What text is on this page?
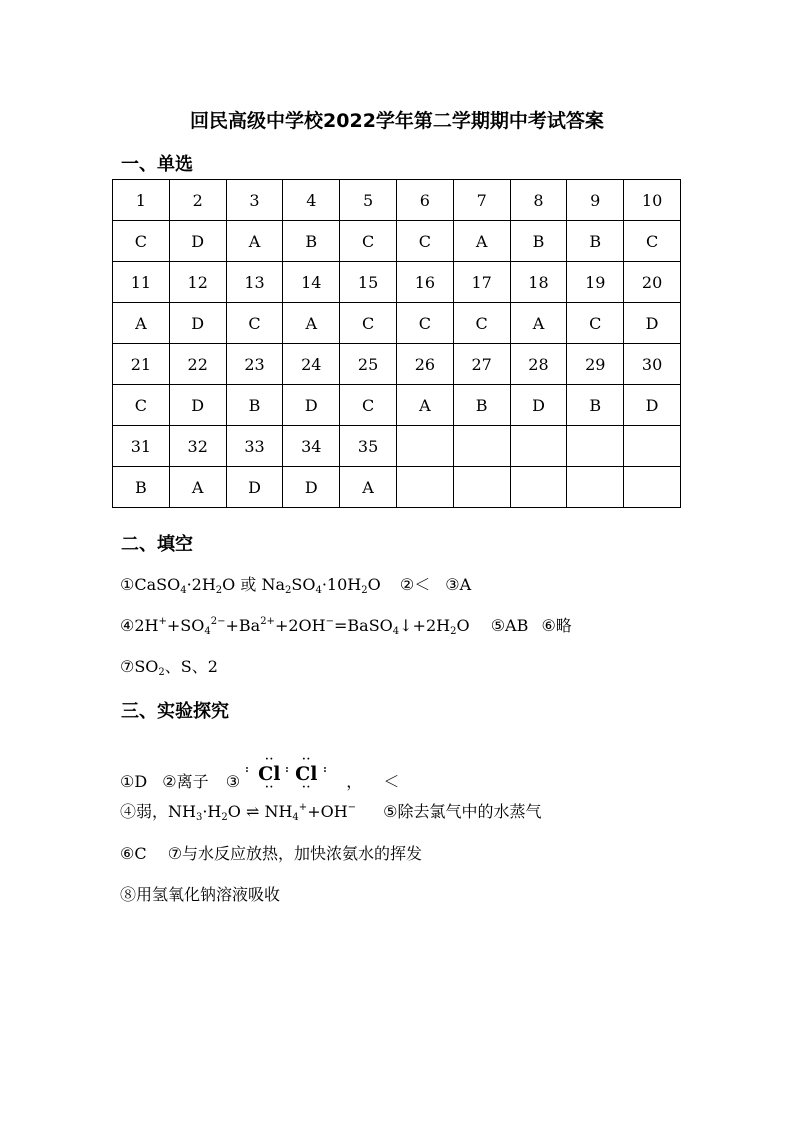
回民高级中学校2022学年第二学期期中考试答案
一、单选
1	2	3	4	5	6	7	8	9	10
C	D	A	B	C	C	A	B	B	C
11	12	13	14	15	16	17	18	19	20
A	D	C	A	C	C	C	A	C	D
21	22	23	24	25	26	27	28	29	30
C	D	B	D	C	A	B	D	B	D
31	32	33	34	35					
B	A	D	D	A					
二、填空
$①CaSO_4\cdot 2H_2O$ 或 $Na_2SO_4\cdot 10H_2O$ ②＜ ③A
$④2H^++SO_4^{2-}+Ba^{2+}+2OH^-=BaSO_4↓+2H_2O$ ⑤AB ⑥略
$⑦SO_2$、S、2
三、实验探究
①D ②离子 ③
:
··
··
Cl :
··
··
Cl :
， ＜
④弱，$NH_3\cdot H_2O$ ⇌ $NH_4^++OH^-$ ⑤除去氯气中的水蒸气
⑥C ⑦与水反应放热，加快浓氨水的挥发
⑧用氢氧化钠溶液吸收
